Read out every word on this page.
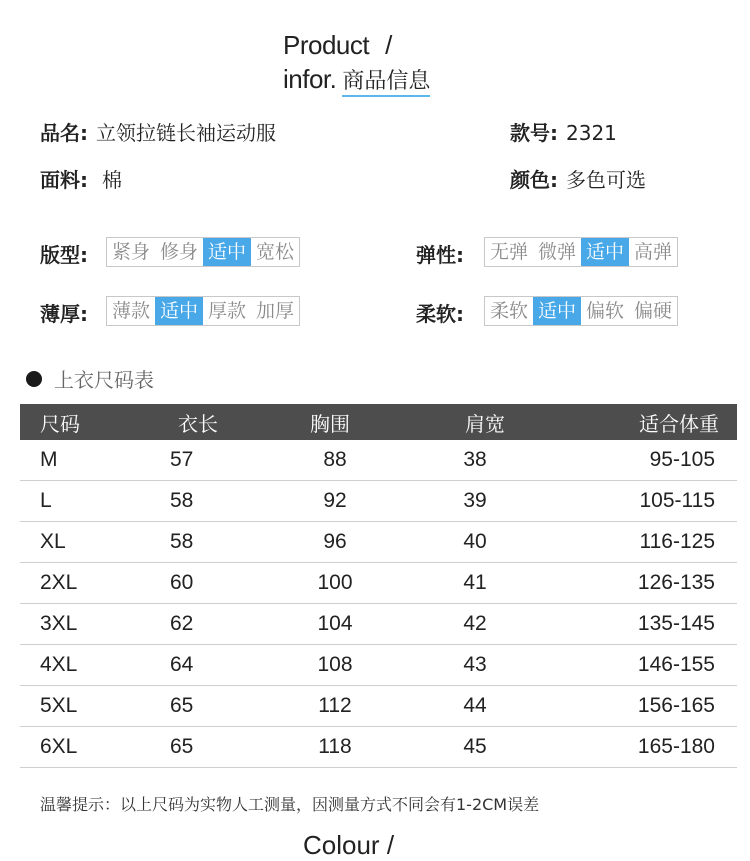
Product /
infor. 商品信息
品名: 立领拉链长袖运动服	款号: 2321
面料: 棉	颜色: 多色可选
版型: 紧身 修身 适中 宽松	弹性: 无弹 微弹 适中 高弹
薄厚: 薄款 适中 厚款 加厚	柔软: 柔软 适中 偏软 偏硬
上衣尺码表
尺码	衣长	胸围	肩宽	适合体重
M	57	88	38	95-105
L	58	92	39	105-115
XL	58	96	40	116-125
2XL	60	100	41	126-135
3XL	62	104	42	135-145
4XL	64	108	43	146-155
5XL	65	112	44	156-165
6XL	65	118	45	165-180
温馨提示：以上尺码为实物人工测量，因测量方式不同会有1-2CM误差
Colour /
